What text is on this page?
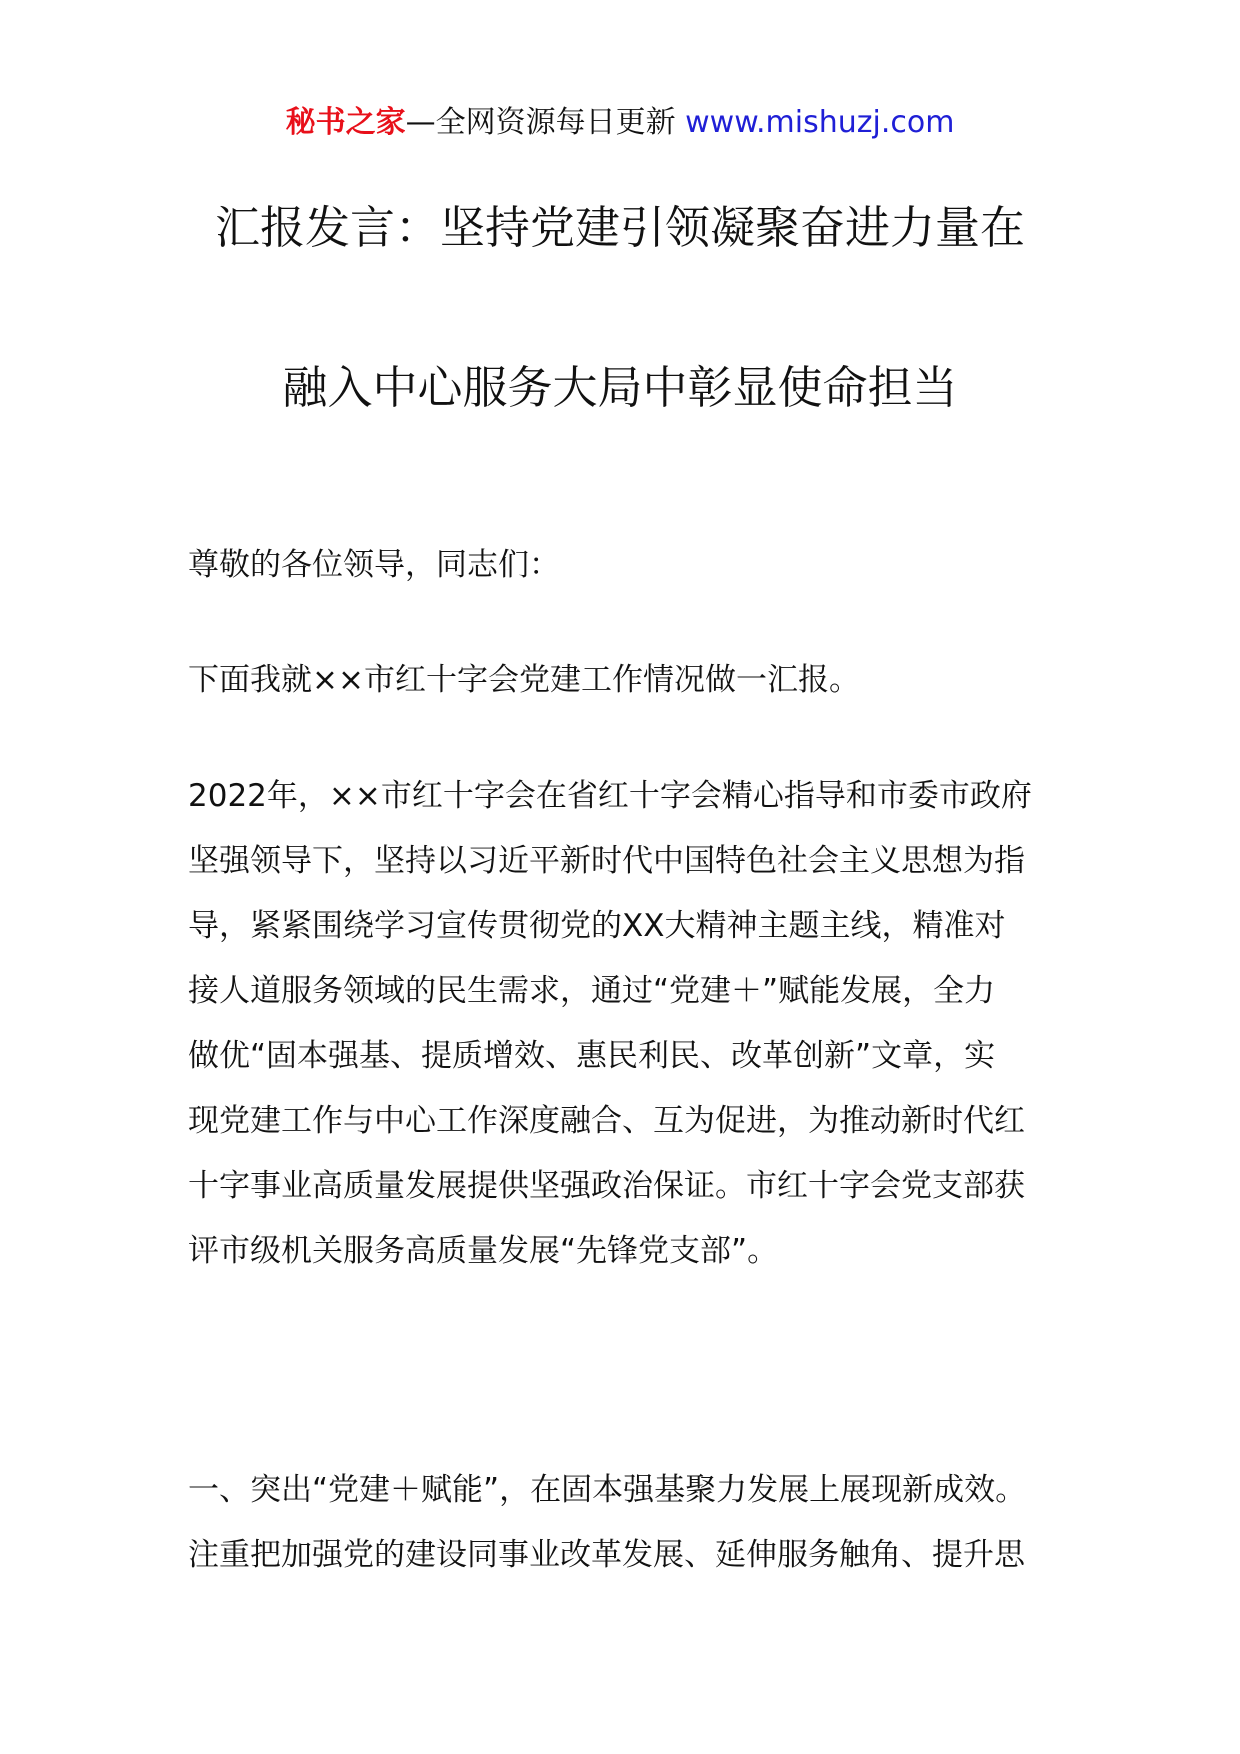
秘书之家—全网资源每日更新 www.mishuzj.com
汇报发言：坚持党建引领凝聚奋进力量在
融入中心服务大局中彰显使命担当
尊敬的各位领导，同志们：
下面我就××市红十字会党建工作情况做一汇报。
2022年，××市红十字会在省红十字会精心指导和市委市政府
坚强领导下，坚持以习近平新时代中国特色社会主义思想为指
导，紧紧围绕学习宣传贯彻党的XX大精神主题主线，精准对
接人道服务领域的民生需求，通过“党建＋”赋能发展，全力
做优“固本强基、提质增效、惠民利民、改革创新”文章，实
现党建工作与中心工作深度融合、互为促进，为推动新时代红
十字事业高质量发展提供坚强政治保证。市红十字会党支部获
评市级机关服务高质量发展“先锋党支部”。
一、突出“党建＋赋能”，在固本强基聚力发展上展现新成效。
注重把加强党的建设同事业改革发展、延伸服务触角、提升思
